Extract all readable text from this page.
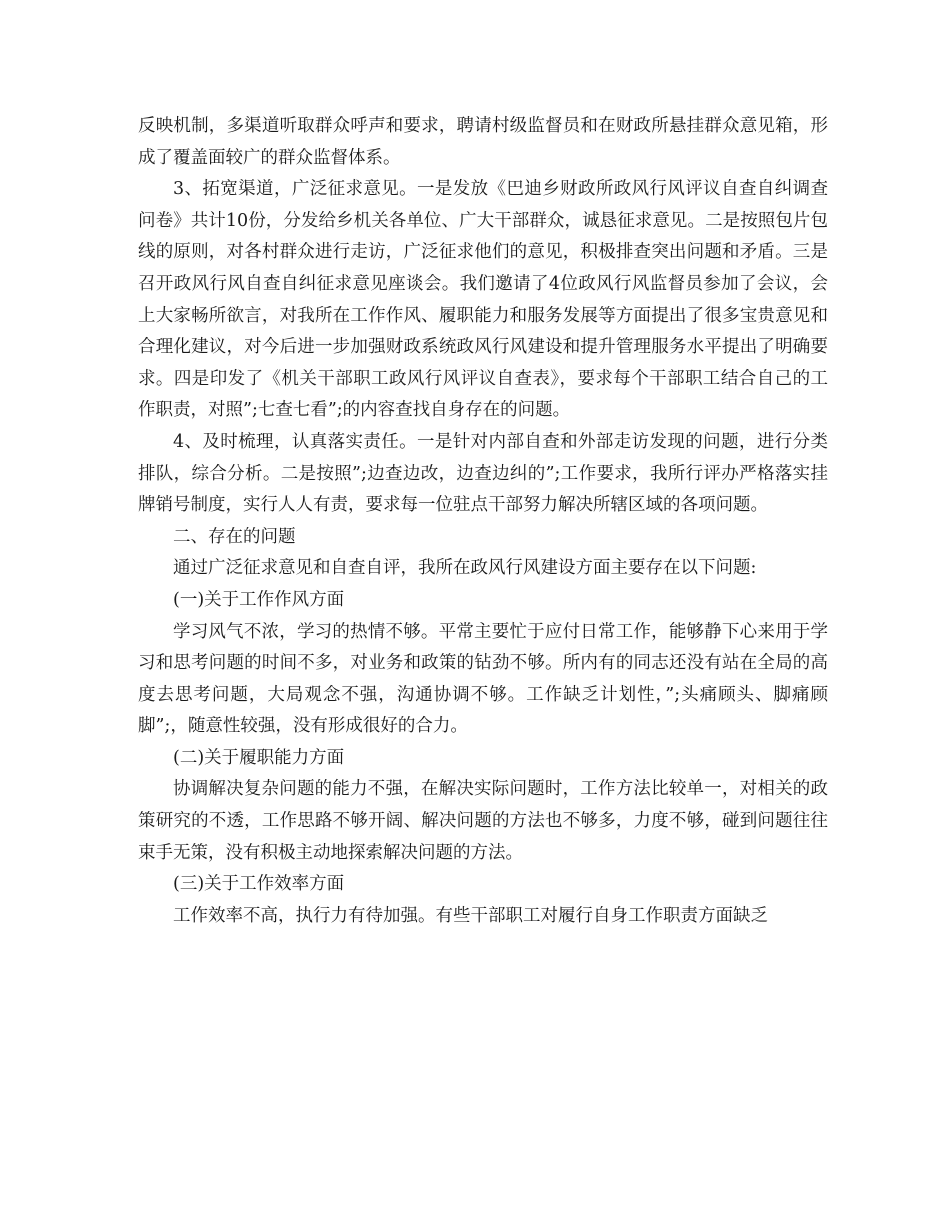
反映机制，多渠道听取群众呼声和要求，聘请村级监督员和在财政所悬挂群众意见箱，形成了覆盖面较广的群众监督体系。

3、拓宽渠道，广泛征求意见。一是发放《巴迪乡财政所政风行风评议自查自纠调查问卷》共计10份，分发给乡机关各单位、广大干部群众，诚恳征求意见。二是按照包片包线的原则，对各村群众进行走访，广泛征求他们的意见，积极排查突出问题和矛盾。三是召开政风行风自查自纠征求意见座谈会。我们邀请了4位政风行风监督员参加了会议，会上大家畅所欲言，对我所在工作作风、履职能力和服务发展等方面提出了很多宝贵意见和合理化建议，对今后进一步加强财政系统政风行风建设和提升管理服务水平提出了明确要求。四是印发了《机关干部职工政风行风评议自查表》，要求每个干部职工结合自己的工作职责，对照”;七查七看”;的内容查找自身存在的问题。

4、及时梳理，认真落实责任。一是针对内部自查和外部走访发现的问题，进行分类排队，综合分析。二是按照”;边查边改，边查边纠的”;工作要求，我所行评办严格落实挂牌销号制度，实行人人有责，要求每一位驻点干部努力解决所辖区域的各项问题。

二、存在的问题

通过广泛征求意见和自查自评，我所在政风行风建设方面主要存在以下问题:

(一)关于工作作风方面

学习风气不浓，学习的热情不够。平常主要忙于应付日常工作，能够静下心来用于学习和思考问题的时间不多，对业务和政策的钻劲不够。所内有的同志还没有站在全局的高度去思考问题，大局观念不强，沟通协调不够。工作缺乏计划性，”;头痛顾头、脚痛顾脚”;，随意性较强，没有形成很好的合力。

(二)关于履职能力方面

协调解决复杂问题的能力不强，在解决实际问题时，工作方法比较单一，对相关的政策研究的不透，工作思路不够开阔、解决问题的方法也不够多，力度不够，碰到问题往往束手无策，没有积极主动地探索解决问题的方法。

(三)关于工作效率方面

工作效率不高，执行力有待加强。有些干部职工对履行自身工作职责方面缺乏
